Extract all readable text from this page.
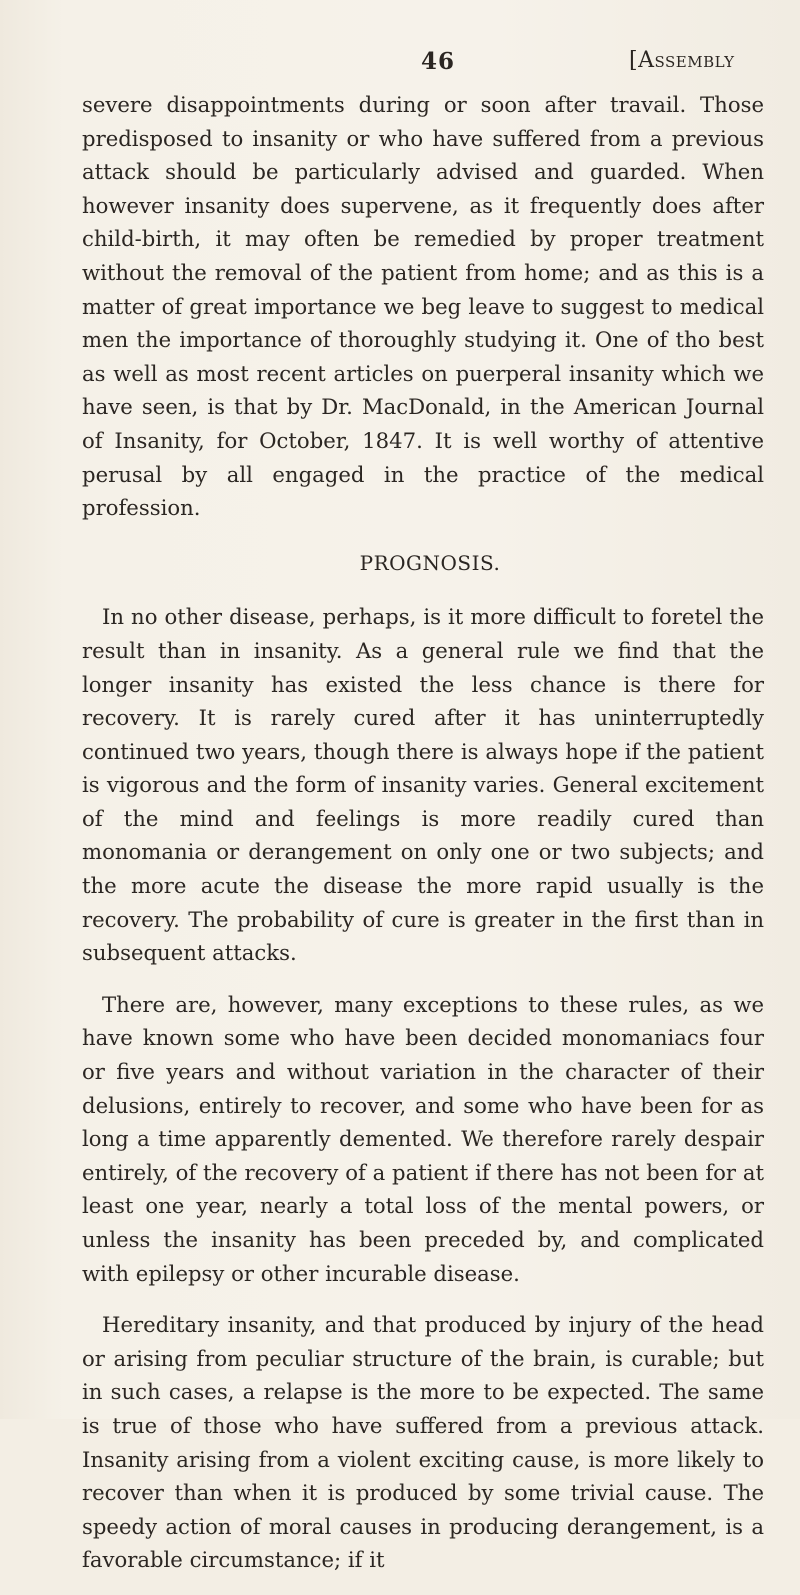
46	[Assembly

severe disappointments during or soon after travail. Those predisposed to insanity or who have suffered from a previous attack should be particularly advised and guarded. When however insanity does supervene, as it frequently does after child-birth, it may often be remedied by proper treatment without the removal of the patient from home; and as this is a matter of great importance we beg leave to suggest to medical men the importance of thoroughly studying it. One of tho best as well as most recent articles on puerperal insanity which we have seen, is that by Dr. MacDonald, in the American Journal of Insanity, for October, 1847. It is well worthy of attentive perusal by all engaged in the practice of the medical profession.

PROGNOSIS.

In no other disease, perhaps, is it more difficult to foretel the result than in insanity. As a general rule we find that the longer insanity has existed the less chance is there for recovery. It is rarely cured after it has uninterruptedly continued two years, though there is always hope if the patient is vigorous and the form of insanity varies. General excitement of the mind and feelings is more readily cured than monomania or derangement on only one or two subjects; and the more acute the disease the more rapid usually is the recovery. The probability of cure is greater in the first than in subsequent attacks.

There are, however, many exceptions to these rules, as we have known some who have been decided monomaniacs four or five years and without variation in the character of their delusions, entirely to recover, and some who have been for as long a time apparently demented. We therefore rarely despair entirely, of the recovery of a patient if there has not been for at least one year, nearly a total loss of the mental powers, or unless the insanity has been preceded by, and complicated with epilepsy or other incurable disease.

Hereditary insanity, and that produced by injury of the head or arising from peculiar structure of the brain, is curable; but in such cases, a relapse is the more to be expected. The same is true of those who have suffered from a previous attack. Insanity arising from a violent exciting cause, is more likely to recover than when it is produced by some trivial cause. The speedy action of moral causes in producing derangement, is a favorable circumstance; if it
